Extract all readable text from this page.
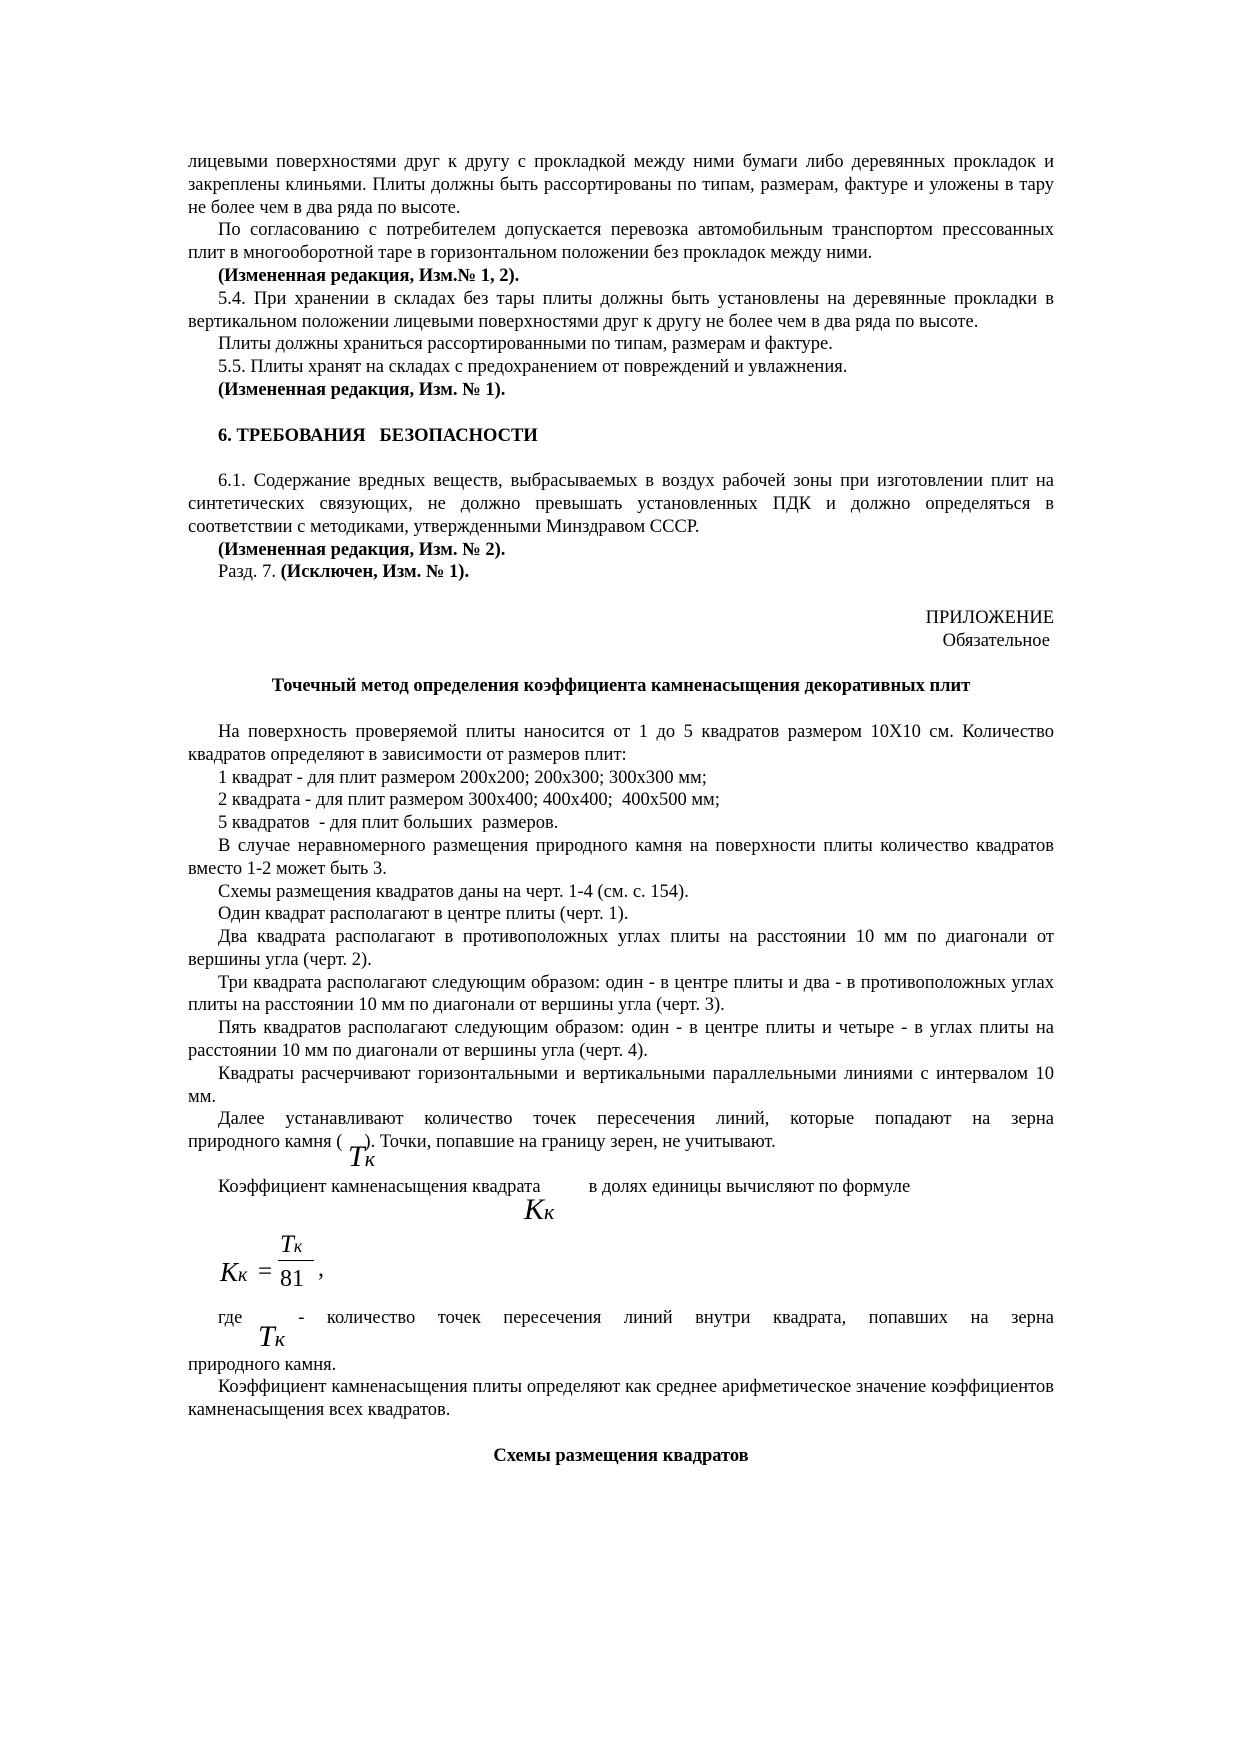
лицевыми поверхностями друг к другу с прокладкой между ними бумаги либо деревянных прокладок и закреплены клиньями. Плиты должны быть рассортированы по типам, размерам, фактуре и уложены в тару не более чем в два ряда по высоте.

По согласованию с потребителем допускается перевозка автомобильным транспортом прессованных плит в многооборотной таре в горизонтальном положении без прокладок между ними.

(Измененная редакция, Изм.№ 1, 2).

5.4. При хранении в складах без тары плиты должны быть установлены на деревянные прокладки в вертикальном положении лицевыми поверхностями друг к другу не более чем в два ряда по высоте.

Плиты должны храниться рассортированными по типам, размерам и фактуре.

5.5. Плиты хранят на складах с предохранением от повреждений и увлажнения.

(Измененная редакция, Изм. № 1).

6. ТРЕБОВАНИЯ   БЕЗОПАСНОСТИ

6.1. Содержание вредных веществ, выбрасываемых в воздух рабочей зоны при изготовлении плит на синтетических связующих, не должно превышать установленных ПДК и должно определяться в соответствии с методиками, утвержденными Минздравом СССР.

(Измененная редакция, Изм. № 2).

Разд. 7. (Исключен, Изм. № 1).

ПРИЛОЖЕНИЕ

Обязательное

Точечный метод определения коэффициента камненасыщения декоративных плит

На поверхность проверяемой плиты наносится от 1 до 5 квадратов размером 10Х10 см. Количество квадратов определяют в зависимости от размеров плит:

1 квадрат - для плит размером 200х200; 200х300; 300х300 мм;

2 квадрата - для плит размером 300х400; 400х400;  400х500 мм;

5 квадратов  - для плит больших  размеров.

В случае неравномерного размещения природного камня на поверхности плиты количество квадратов вместо 1-2 может быть 3.

Схемы размещения квадратов даны на черт. 1-4 (см. с. 154).

Один квадрат располагают в центре плиты (черт. 1).

Два квадрата располагают в противоположных углах плиты на расстоянии 10 мм по диагонали от вершины угла (черт. 2).

Три квадрата располагают следующим образом: один - в центре плиты и два - в противоположных углах плиты на расстоянии 10 мм по диагонали от вершины угла (черт. 3).

Пять квадратов располагают следующим образом: один - в центре плиты и четыре - в углах плиты на расстоянии 10 мм по диагонали от вершины угла (черт. 4).

Квадраты расчерчивают горизонтальными и вертикальными параллельными линиями с интервалом 10 мм.

Далее устанавливают количество точек пересечения линий, которые попадают на зерна

природного камня ( ). Точки, попавшие на границу зерен, не учитывают.

Tк

Коэффициент камненасыщения квадрата	в долях единицы вычисляют по формуле

Kк
Kк =
Tк
81 ,

где	- количество точек пересечения линий внутри квадрата, попавших на зерна

Tк

природного камня.

Коэффициент камненасыщения плиты определяют как среднее арифметическое значение коэффициентов камненасыщения всех квадратов.

Схемы размещения квадратов
